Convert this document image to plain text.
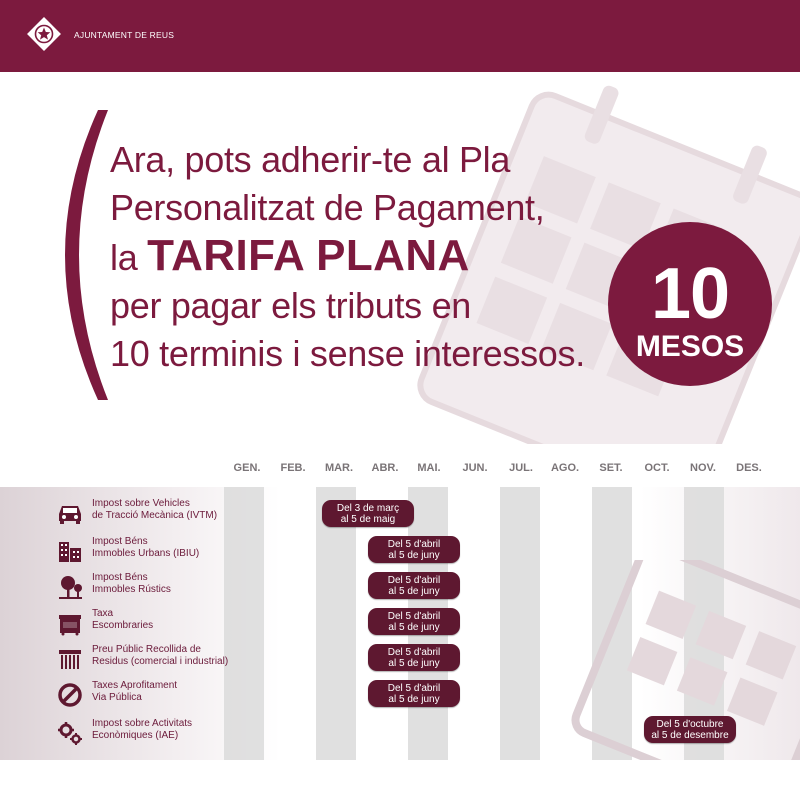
AJUNTAMENT DE REUS
Ara, pots adherir-te al Pla
Personalitzat de Pagament,
la TARIFA PLANA
per pagar els tributs en
10 terminis i sense interessos.
10
MESOS
GEN.	FEB.	MAR.	ABR.	MAI.	JUN.	JUL.	AGO.	SET.	OCT.	NOV.	DES.
Impost sobre Vehicles
de Tracció Mecànica (IVTM)
Del 3 de març
al 5 de maig
Impost Béns
Immobles Urbans (IBIU)
Del 5 d'abril
al 5 de juny
Impost Béns
Immobles Rústics
Del 5 d'abril
al 5 de juny
Taxa
Escombraries
Del 5 d'abril
al 5 de juny
Preu Públic Recollida de
Residus (comercial i industrial)
Del 5 d'abril
al 5 de juny
Taxes Aprofitament
Via Pública
Del 5 d'abril
al 5 de juny
Impost sobre Activitats
Econòmiques (IAE)
Del 5 d'octubre
al 5 de desembre
